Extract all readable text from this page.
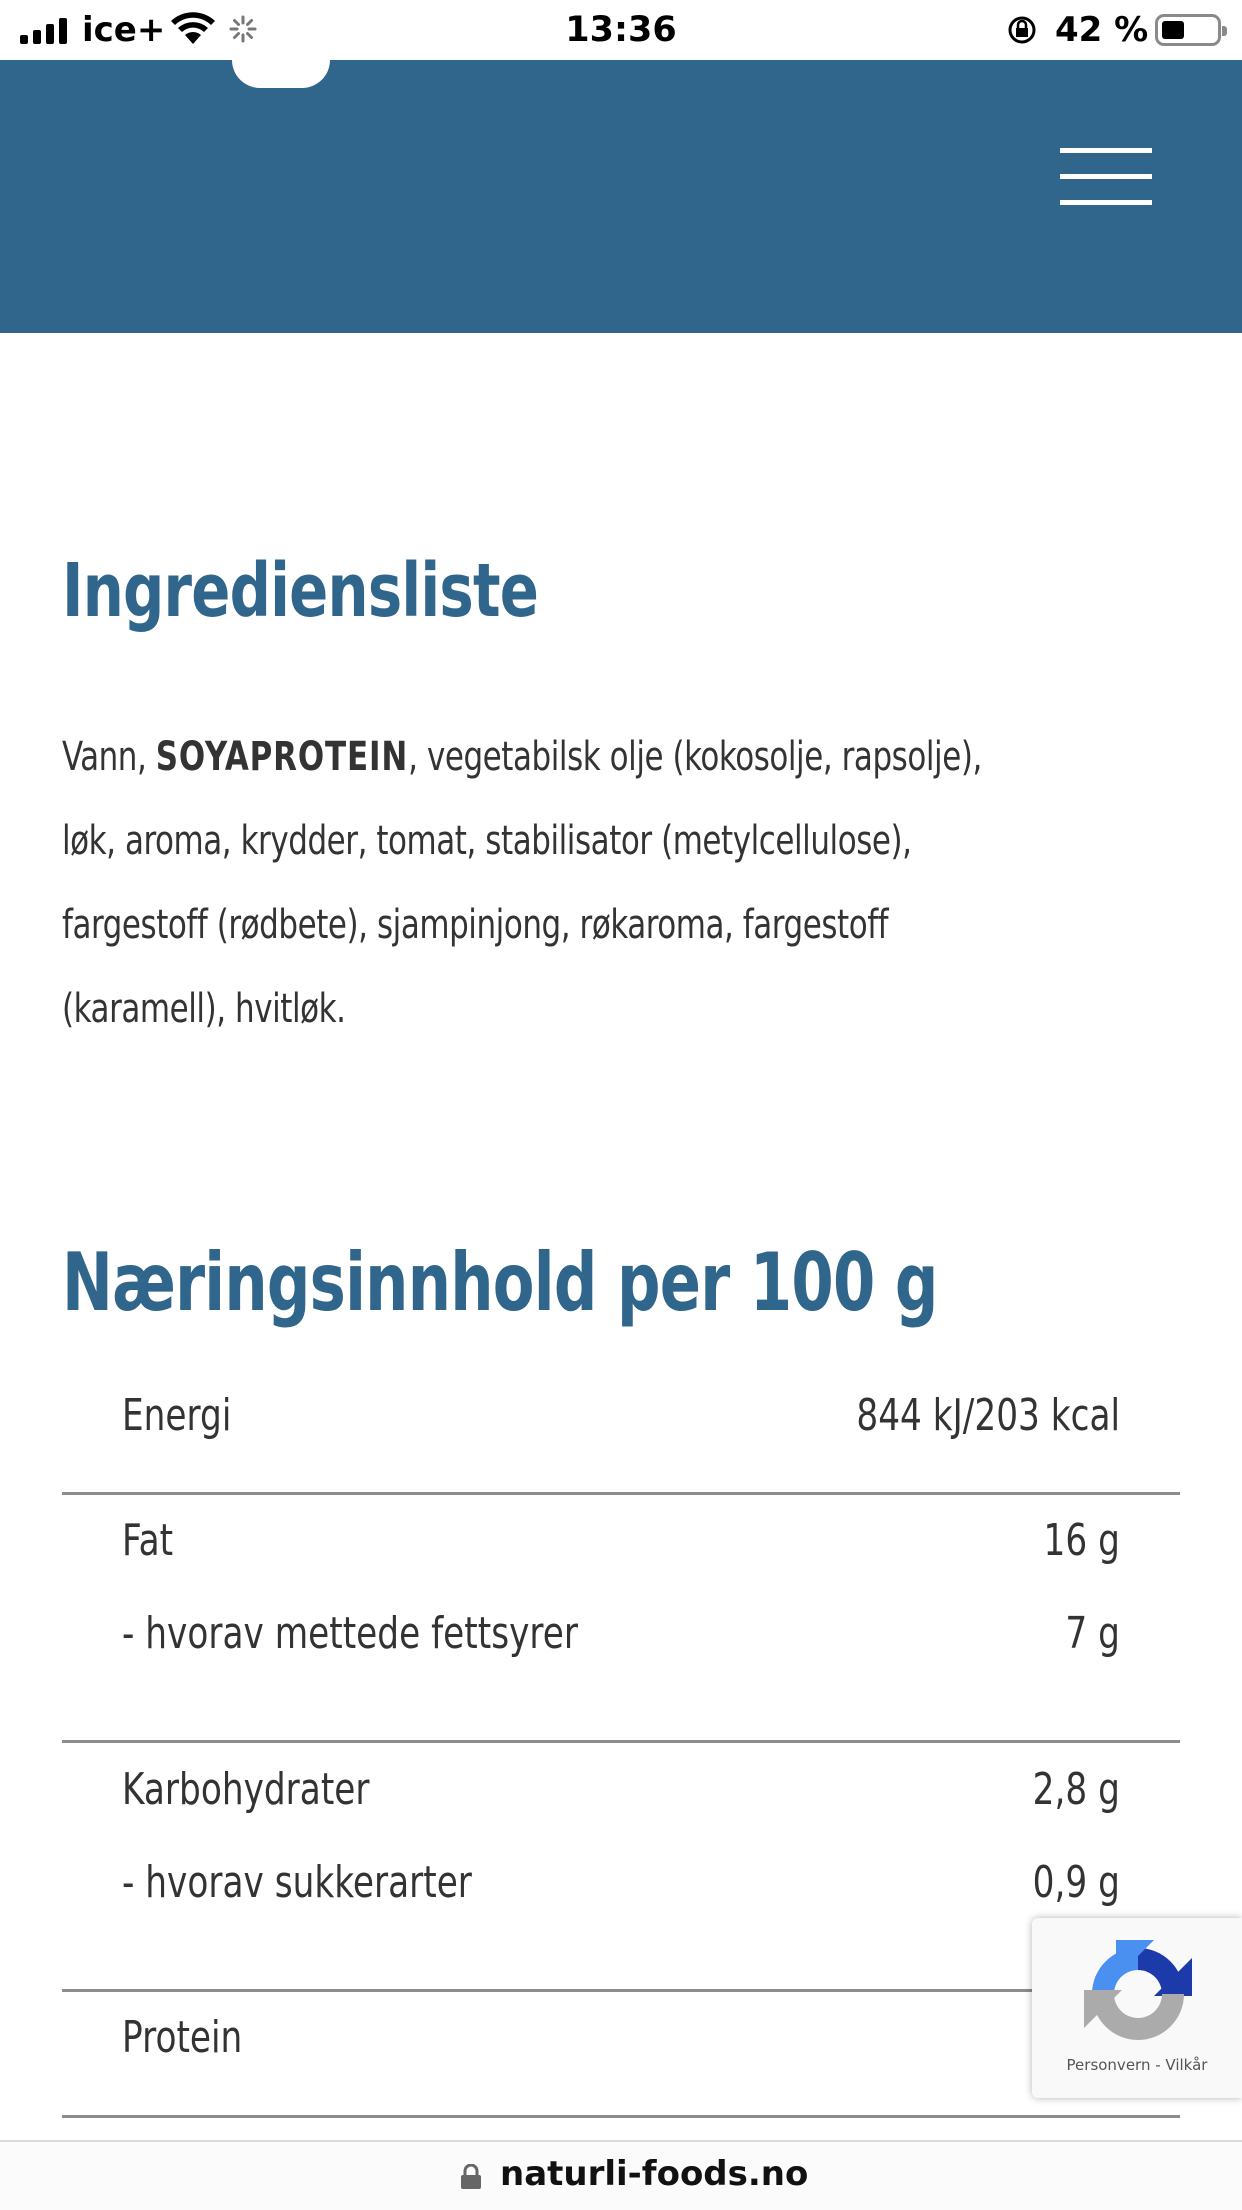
ice+	13:36	42 %
Ingrediensliste

Vann, SOYAPROTEIN, vegetabilsk olje (kokosolje, rapsolje), løk, aroma, krydder, tomat, stabilisator (metylcellulose), fargestoff (rødbete), sjampinjong, røkaroma, fargestoff (karamell), hvitløk.

Næringsinnhold per 100 g
Energi	844 kJ/203 kcal
Fat	16 g
- hvorav mettede fettsyrer	7 g
Karbohydrater	2,8 g
- hvorav sukkerarter	0,9 g
Protein
Personvern - Vilkår
naturli-foods.no
